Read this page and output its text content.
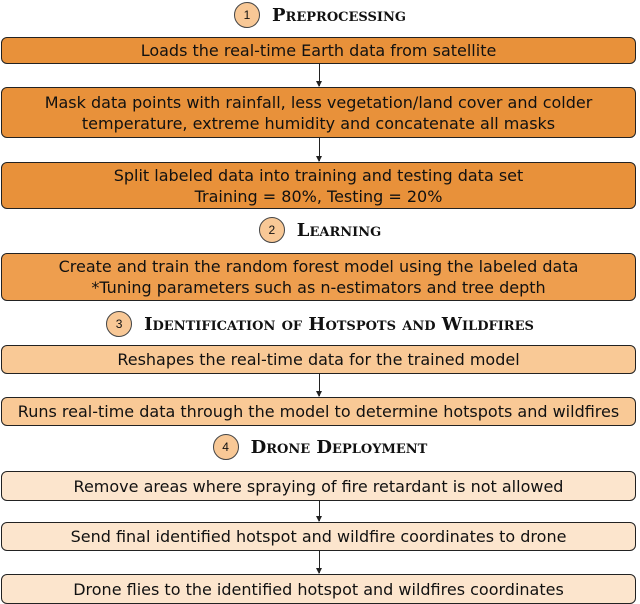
1	Preprocessing
Loads the real-time Earth data from satellite
Mask data points with rainfall, less vegetation/land cover and colder temperature, extreme humidity and concatenate all masks
Split labeled data into training and testing data set
Training = 80%, Testing = 20%
2	Learning
Create and train the random forest model using the labeled data
*Tuning parameters such as n-estimators and tree depth
3	Identification of Hotspots and Wildfires
Reshapes the real-time data for the trained model
Runs real-time data through the model to determine hotspots and wildfires
4	Drone Deployment
Remove areas where spraying of fire retardant is not allowed
Send final identified hotspot and wildfire coordinates to drone
Drone flies to the identified hotspot and wildfires coordinates
